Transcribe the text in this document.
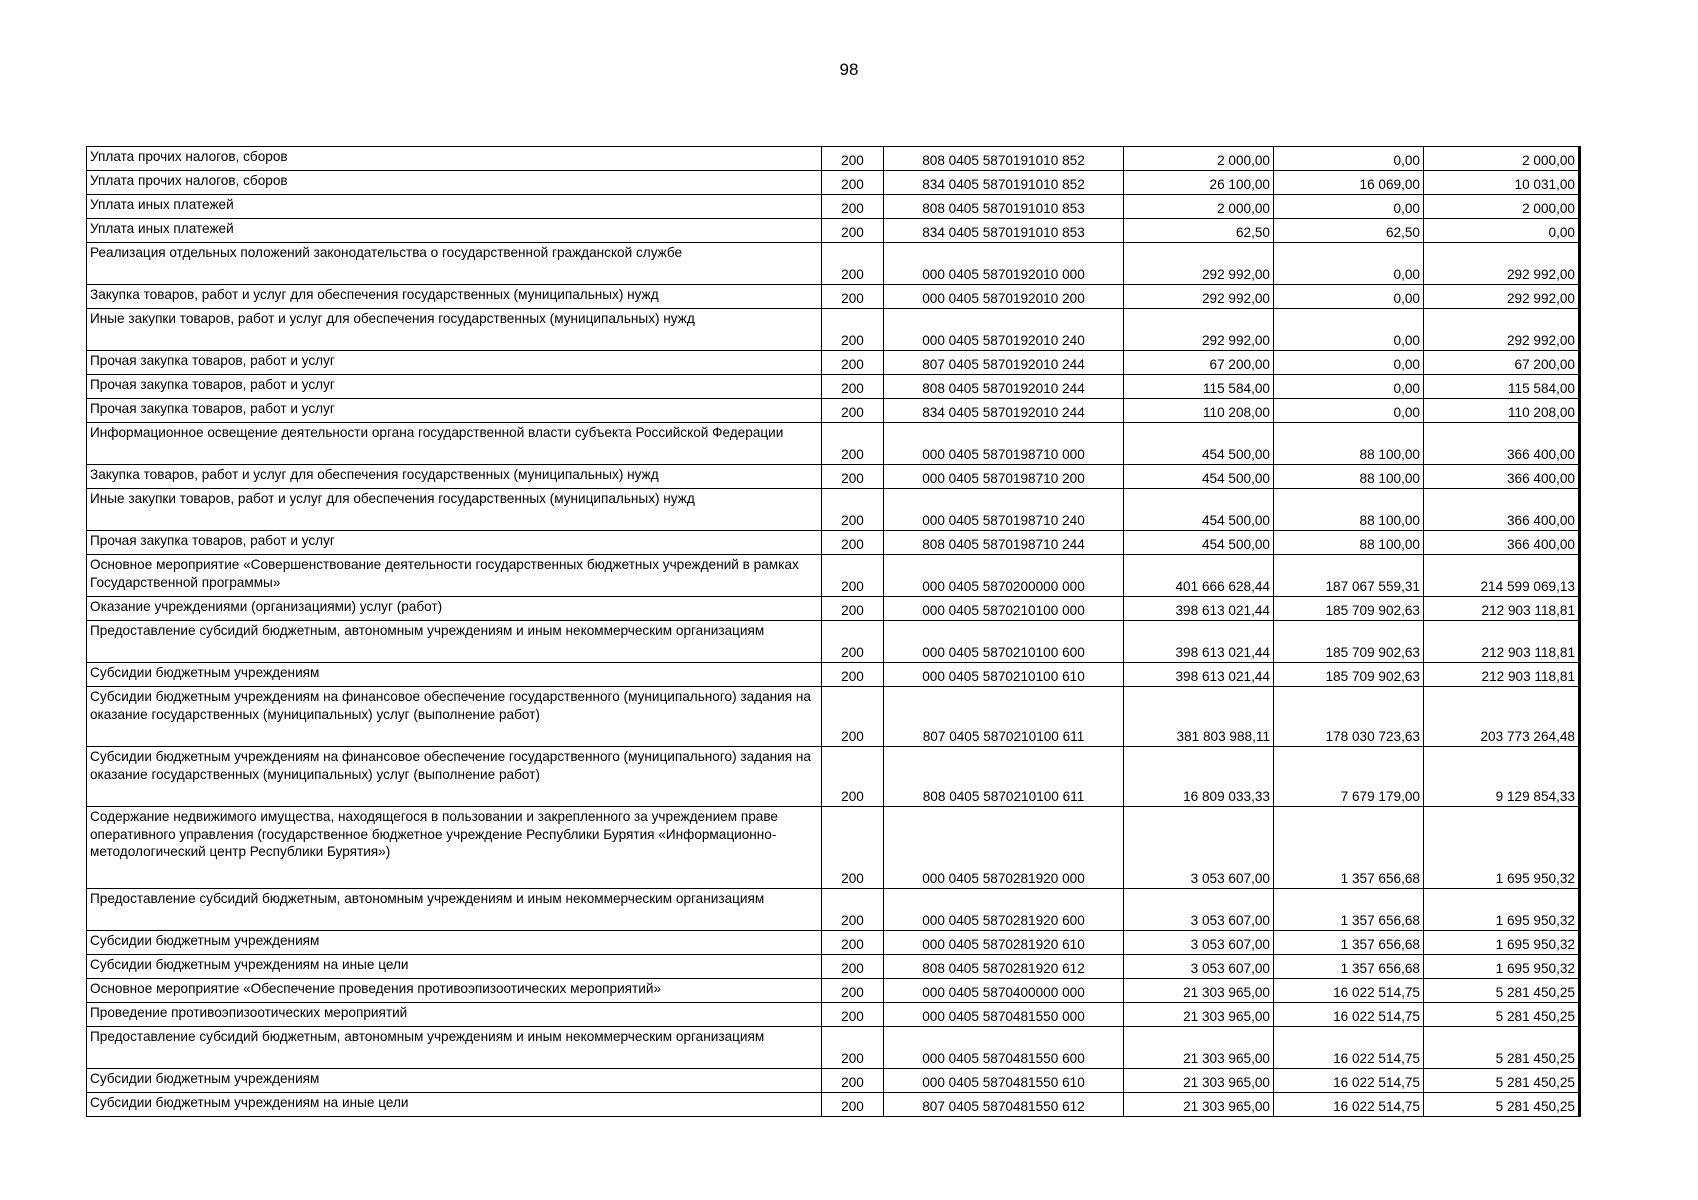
98
Уплата прочих налогов, сборов	200	808 0405 5870191010 852	2 000,00	0,00	2 000,00
Уплата прочих налогов, сборов	200	834 0405 5870191010 852	26 100,00	16 069,00	10 031,00
Уплата иных платежей	200	808 0405 5870191010 853	2 000,00	0,00	2 000,00
Уплата иных платежей	200	834 0405 5870191010 853	62,50	62,50	0,00
Реализация отдельных положений законодательства о государственной гражданской службе	200	000 0405 5870192010 000	292 992,00	0,00	292 992,00
Закупка товаров, работ и услуг для обеспечения государственных (муниципальных) нужд	200	000 0405 5870192010 200	292 992,00	0,00	292 992,00
Иные закупки товаров, работ и услуг для обеспечения государственных (муниципальных) нужд	200	000 0405 5870192010 240	292 992,00	0,00	292 992,00
Прочая закупка товаров, работ и услуг	200	807 0405 5870192010 244	67 200,00	0,00	67 200,00
Прочая закупка товаров, работ и услуг	200	808 0405 5870192010 244	115 584,00	0,00	115 584,00
Прочая закупка товаров, работ и услуг	200	834 0405 5870192010 244	110 208,00	0,00	110 208,00
Информационное освещение деятельности органа государственной власти субъекта Российской Федерации	200	000 0405 5870198710 000	454 500,00	88 100,00	366 400,00
Закупка товаров, работ и услуг для обеспечения государственных (муниципальных) нужд	200	000 0405 5870198710 200	454 500,00	88 100,00	366 400,00
Иные закупки товаров, работ и услуг для обеспечения государственных (муниципальных) нужд	200	000 0405 5870198710 240	454 500,00	88 100,00	366 400,00
Прочая закупка товаров, работ и услуг	200	808 0405 5870198710 244	454 500,00	88 100,00	366 400,00
Основное мероприятие «Совершенствование деятельности государственных бюджетных учреждений в рамках Государственной программы»	200	000 0405 5870200000 000	401 666 628,44	187 067 559,31	214 599 069,13
Оказание учреждениями (организациями) услуг (работ)	200	000 0405 5870210100 000	398 613 021,44	185 709 902,63	212 903 118,81
Предоставление субсидий бюджетным, автономным учреждениям и иным некоммерческим организациям	200	000 0405 5870210100 600	398 613 021,44	185 709 902,63	212 903 118,81
Субсидии бюджетным учреждениям	200	000 0405 5870210100 610	398 613 021,44	185 709 902,63	212 903 118,81
Субсидии бюджетным учреждениям на финансовое обеспечение государственного (муниципального) задания на оказание государственных (муниципальных) услуг (выполнение работ)	200	807 0405 5870210100 611	381 803 988,11	178 030 723,63	203 773 264,48
Субсидии бюджетным учреждениям на финансовое обеспечение государственного (муниципального) задания на оказание государственных (муниципальных) услуг (выполнение работ)	200	808 0405 5870210100 611	16 809 033,33	7 679 179,00	9 129 854,33
Содержание недвижимого имущества, находящегося в пользовании и закрепленного за учреждением праве оперативного управления (государственное бюджетное учреждение Республики Бурятия «Информационно-методологический центр Республики Бурятия»)	200	000 0405 5870281920 000	3 053 607,00	1 357 656,68	1 695 950,32
Предоставление субсидий бюджетным, автономным учреждениям и иным некоммерческим организациям	200	000 0405 5870281920 600	3 053 607,00	1 357 656,68	1 695 950,32
Субсидии бюджетным учреждениям	200	000 0405 5870281920 610	3 053 607,00	1 357 656,68	1 695 950,32
Субсидии бюджетным учреждениям на иные цели	200	808 0405 5870281920 612	3 053 607,00	1 357 656,68	1 695 950,32
Основное мероприятие «Обеспечение проведения противоэпизоотических мероприятий»	200	000 0405 5870400000 000	21 303 965,00	16 022 514,75	5 281 450,25
Проведение противоэпизоотических мероприятий	200	000 0405 5870481550 000	21 303 965,00	16 022 514,75	5 281 450,25
Предоставление субсидий бюджетным, автономным учреждениям и иным некоммерческим организациям	200	000 0405 5870481550 600	21 303 965,00	16 022 514,75	5 281 450,25
Субсидии бюджетным учреждениям	200	000 0405 5870481550 610	21 303 965,00	16 022 514,75	5 281 450,25
Субсидии бюджетным учреждениям на иные цели	200	807 0405 5870481550 612	21 303 965,00	16 022 514,75	5 281 450,25
